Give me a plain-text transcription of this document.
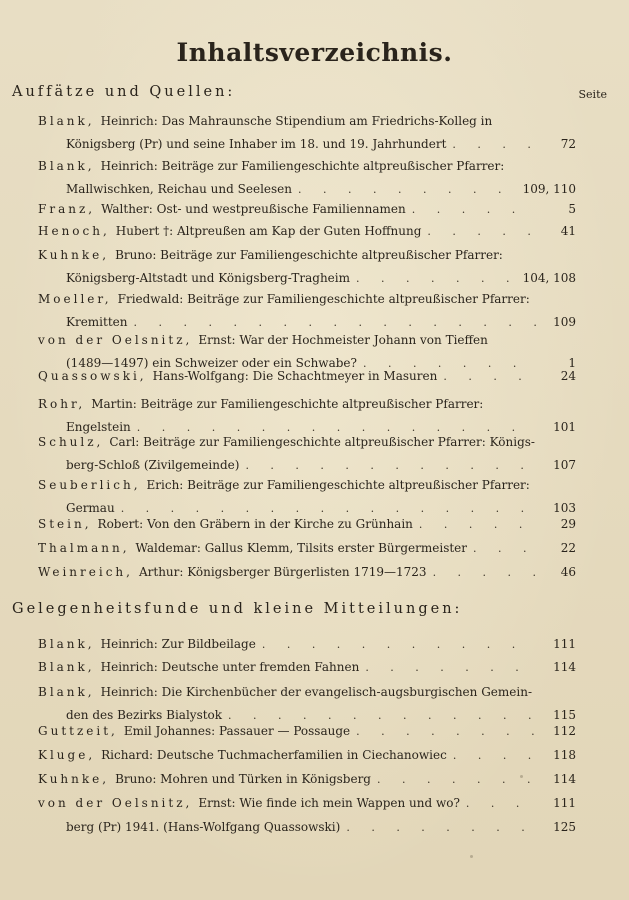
Inhaltsverzeichnis.
Auffätze und Quellen:	Seite
Blank, Heinrich: Das Mahraunsche Stipendium am Friedrichs-Kolleg in
Königsberg (Pr) und seine Inhaber im 18. und 19. Jahrhundert . . .	72
Blank, Heinrich: Beiträge zur Familiengeschichte altpreußischer Pfarrer:
Mallwischken, Reichau und Seelesen . . .	109, 110
Franz, Walther: Ost- und westpreußische Familiennamen . . .	5
Henoch, Hubert †: Altpreußen am Kap der Guten Hoffnung . . .	41
Kuhnke, Bruno: Beiträge zur Familiengeschichte altpreußischer Pfarrer:
Königsberg-Altstadt und Königsberg-Tragheim . . .	104, 108
Moeller, Friedwald: Beiträge zur Familiengeschichte altpreußischer Pfarrer:
Kremitten . . .	109
von der Oelsnitz, Ernst: War der Hochmeister Johann von Tieffen
(1489—1497) ein Schweizer oder ein Schwabe? . . .	1
Quassowski, Hans-Wolfgang: Die Schachtmeyer in Masuren . . .	24
Rohr, Martin: Beiträge zur Familiengeschichte altpreußischer Pfarrer:
Engelstein . . .	101
Schulz, Carl: Beiträge zur Familiengeschichte altpreußischer Pfarrer: Königs-
berg-Schloß (Zivilgemeinde) . . .	107
Seuberlich, Erich: Beiträge zur Familiengeschichte altpreußischer Pfarrer:
Germau . . .	103
Stein, Robert: Von den Gräbern in der Kirche zu Grünhain . . .	29
Thalmann, Waldemar: Gallus Klemm, Tilsits erster Bürgermeister . . .	22
Weinreich, Arthur: Königsberger Bürgerlisten 1719—1723 . . .	46
Gelegenheitsfunde und kleine Mitteilungen:
Blank, Heinrich: Zur Bildbeilage . . .	111
Blank, Heinrich: Deutsche unter fremden Fahnen . . .	114
Blank, Heinrich: Die Kirchenbücher der evangelisch-augsburgischen Gemein-
den des Bezirks Bialystok . . .	115
Guttzeit, Emil Johannes: Passauer — Possauge . . .	112
Kluge, Richard: Deutsche Tuchmacherfamilien in Ciechanowiec . . .	118
Kuhnke, Bruno: Mohren und Türken in Königsberg . . .	114
von der Oelsnitz, Ernst: Wie finde ich mein Wappen und wo? . . .	111
berg (Pr) 1941. (Hans-Wolfgang Quassowski) . . .	125
